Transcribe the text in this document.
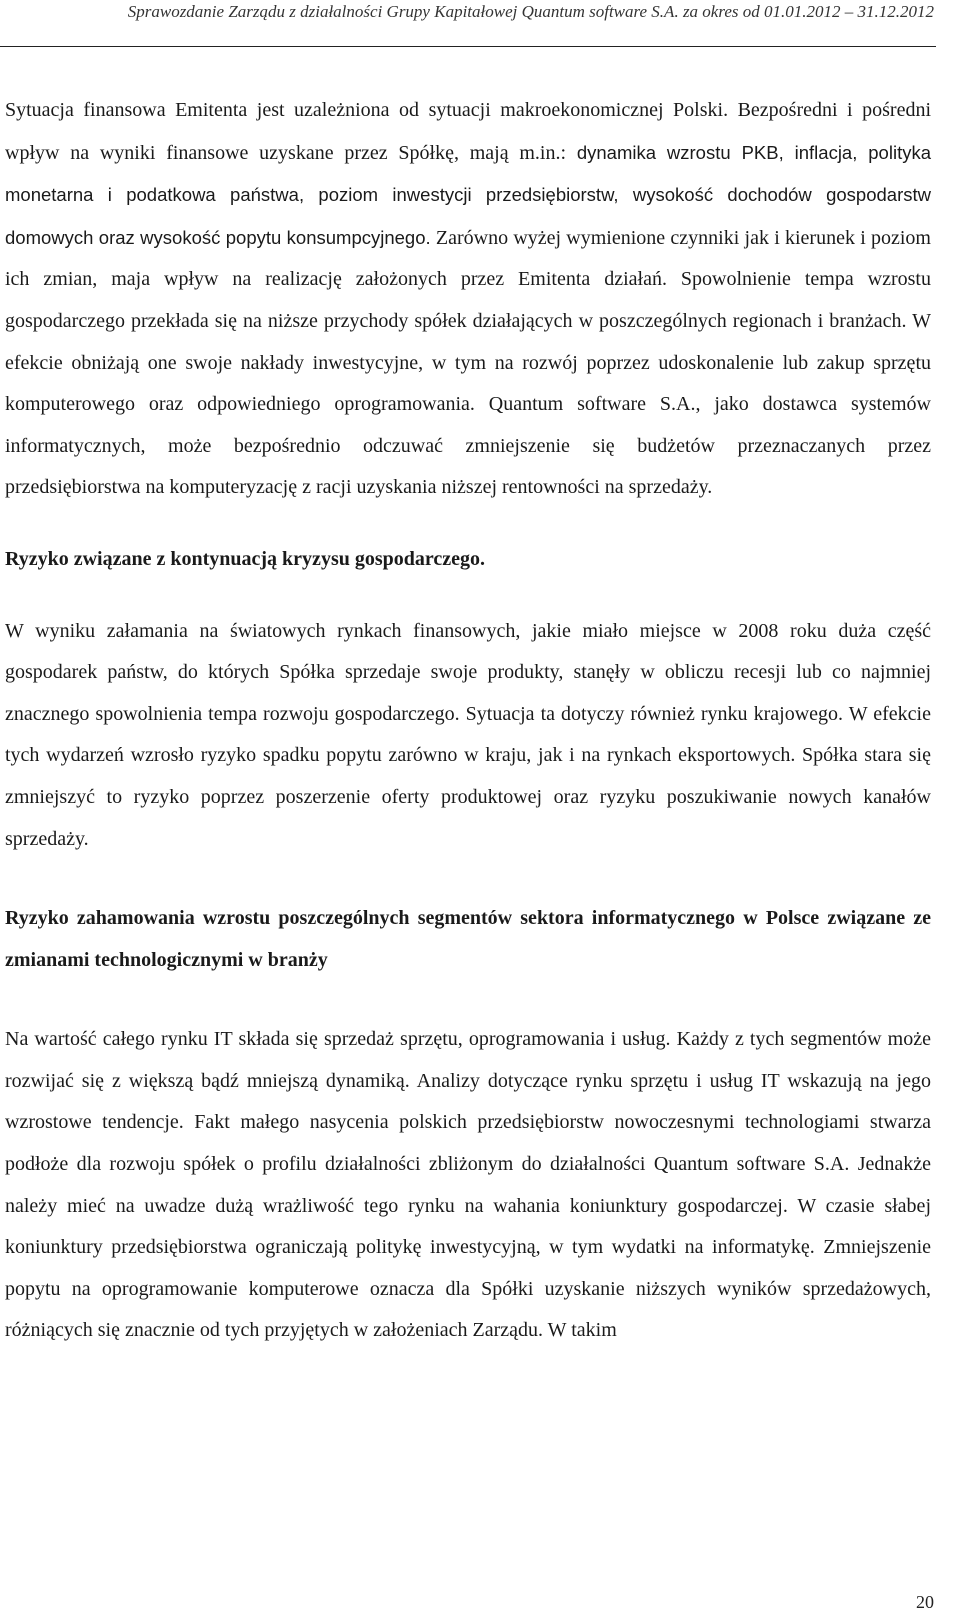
Sprawozdanie Zarządu z działalności Grupy Kapitałowej Quantum software S.A. za okres od 01.01.2012 – 31.12.2012

Sytuacja finansowa Emitenta jest uzależniona od sytuacji makroekonomicznej Polski. Bezpośredni i pośredni wpływ na wyniki finansowe uzyskane przez Spółkę, mają m.in.: dynamika wzrostu PKB, inflacja, polityka monetarna i podatkowa państwa, poziom inwestycji przedsiębiorstw, wysokość dochodów gospodarstw domowych oraz wysokość popytu konsumpcyjnego. Zarówno wyżej wymienione czynniki jak i kierunek i poziom ich zmian, maja wpływ na realizację założonych przez Emitenta działań. Spowolnienie tempa wzrostu gospodarczego przekłada się na niższe przychody spółek działających w poszczególnych regionach i branżach. W efekcie obniżają one swoje nakłady inwestycyjne, w tym na rozwój poprzez udoskonalenie lub zakup sprzętu komputerowego oraz odpowiedniego oprogramowania. Quantum software S.A., jako dostawca systemów informatycznych, może bezpośrednio odczuwać zmniejszenie się budżetów przeznaczanych przez przedsiębiorstwa na komputeryzację z racji uzyskania niższej rentowności na sprzedaży.

Ryzyko związane z kontynuacją kryzysu gospodarczego.

W wyniku załamania na światowych rynkach finansowych, jakie miało miejsce w 2008 roku duża część gospodarek państw, do których Spółka sprzedaje swoje produkty, stanęły w obliczu recesji lub co najmniej znacznego spowolnienia tempa rozwoju gospodarczego. Sytuacja ta dotyczy również rynku krajowego. W efekcie tych wydarzeń wzrosło ryzyko spadku popytu zarówno w kraju, jak i na rynkach eksportowych. Spółka stara się zmniejszyć to ryzyko poprzez poszerzenie oferty produktowej oraz ryzyku poszukiwanie nowych kanałów sprzedaży.

Ryzyko zahamowania wzrostu poszczególnych segmentów sektora informatycznego w Polsce związane ze zmianami technologicznymi w branży

Na wartość całego rynku IT składa się sprzedaż sprzętu, oprogramowania i usług. Każdy z tych segmentów może rozwijać się z większą bądź mniejszą dynamiką. Analizy dotyczące rynku sprzętu i usług IT wskazują na jego wzrostowe tendencje. Fakt małego nasycenia polskich przedsiębiorstw nowoczesnymi technologiami stwarza podłoże dla rozwoju spółek o profilu działalności zbliżonym do działalności Quantum software S.A. Jednakże należy mieć na uwadze dużą wrażliwość tego rynku na wahania koniunktury gospodarczej. W czasie słabej koniunktury przedsiębiorstwa ograniczają politykę inwestycyjną, w tym wydatki na informatykę. Zmniejszenie popytu na oprogramowanie komputerowe oznacza dla Spółki uzyskanie niższych wyników sprzedażowych, różniących się znacznie od tych przyjętych w założeniach Zarządu. W takim

20
